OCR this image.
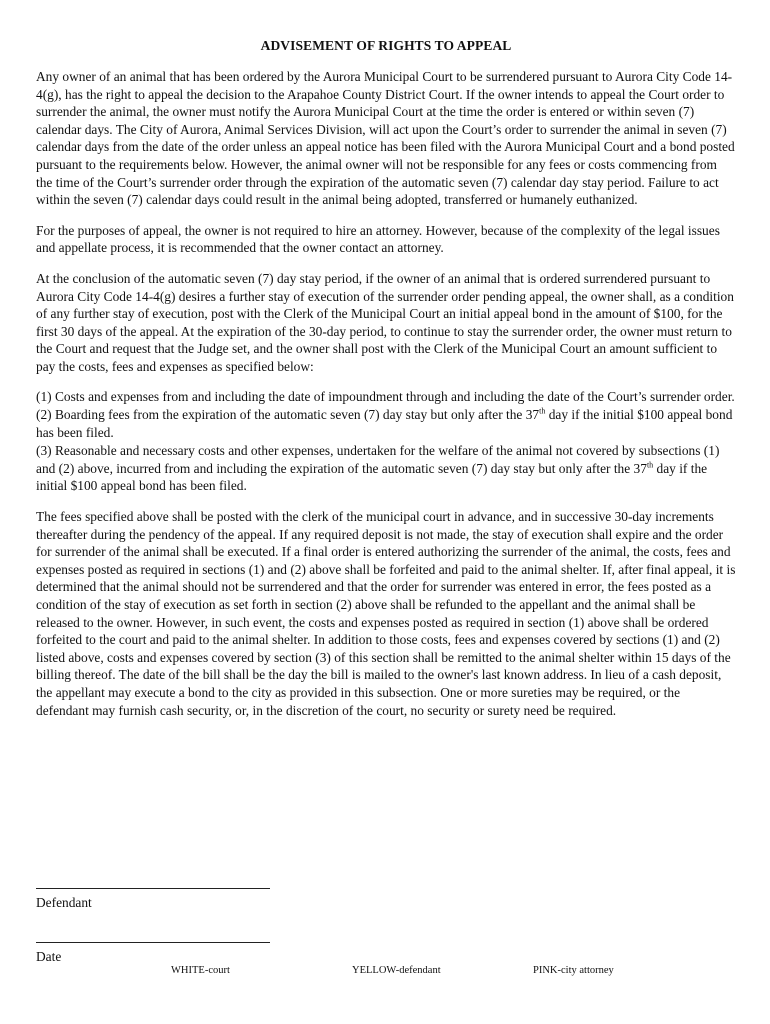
ADVISEMENT OF RIGHTS TO APPEAL

Any owner of an animal that has been ordered by the Aurora Municipal Court to be surrendered pursuant to Aurora City Code 14-4(g), has the right to appeal the decision to the Arapahoe County District Court. If the owner intends to appeal the Court order to surrender the animal, the owner must notify the Aurora Municipal Court at the time the order is entered or within seven (7) calendar days. The City of Aurora, Animal Services Division, will act upon the Court’s order to surrender the animal in seven (7) calendar days from the date of the order unless an appeal notice has been filed with the Aurora Municipal Court and a bond posted pursuant to the requirements below. However, the animal owner will not be responsible for any fees or costs commencing from the time of the Court’s surrender order through the expiration of the automatic seven (7) calendar day stay period. Failure to act within the seven (7) calendar days could result in the animal being adopted, transferred or humanely euthanized.

For the purposes of appeal, the owner is not required to hire an attorney. However, because of the complexity of the legal issues and appellate process, it is recommended that the owner contact an attorney.

At the conclusion of the automatic seven (7) day stay period, if the owner of an animal that is ordered surrendered pursuant to Aurora City Code 14-4(g) desires a further stay of execution of the surrender order pending appeal, the owner shall, as a condition of any further stay of execution, post with the Clerk of the Municipal Court an initial appeal bond in the amount of $100, for the first 30 days of the appeal. At the expiration of the 30-day period, to continue to stay the surrender order, the owner must return to the Court and request that the Judge set, and the owner shall post with the Clerk of the Municipal Court an amount sufficient to pay the costs, fees and expenses as specified below:

(1) Costs and expenses from and including the date of impoundment through and including the date of the Court’s surrender order.

(2) Boarding fees from the expiration of the automatic seven (7) day stay but only after the 37th day if the initial $100 appeal bond has been filed.

(3) Reasonable and necessary costs and other expenses, undertaken for the welfare of the animal not covered by subsections (1) and (2) above, incurred from and including the expiration of the automatic seven (7) day stay but only after the 37th day if the initial $100 appeal bond has been filed.

The fees specified above shall be posted with the clerk of the municipal court in advance, and in successive 30-day increments thereafter during the pendency of the appeal. If any required deposit is not made, the stay of execution shall expire and the order for surrender of the animal shall be executed. If a final order is entered authorizing the surrender of the animal, the costs, fees and expenses posted as required in sections (1) and (2) above shall be forfeited and paid to the animal shelter. If, after final appeal, it is determined that the animal should not be surrendered and that the order for surrender was entered in error, the fees posted as a condition of the stay of execution as set forth in section (2) above shall be refunded to the appellant and the animal shall be released to the owner. However, in such event, the costs and expenses posted as required in section (1) above shall be ordered forfeited to the court and paid to the animal shelter. In addition to those costs, fees and expenses covered by sections (1) and (2) listed above, costs and expenses covered by section (3) of this section shall be remitted to the animal shelter within 15 days of the billing thereof. The date of the bill shall be the day the bill is mailed to the owner's last known address. In lieu of a cash deposit, the appellant may execute a bond to the city as provided in this subsection. One or more sureties may be required, or the defendant may furnish cash security, or, in the discretion of the court, no security or surety need be required.

Defendant
Date
WHITE-court	YELLOW-defendant	PINK-city attorney
